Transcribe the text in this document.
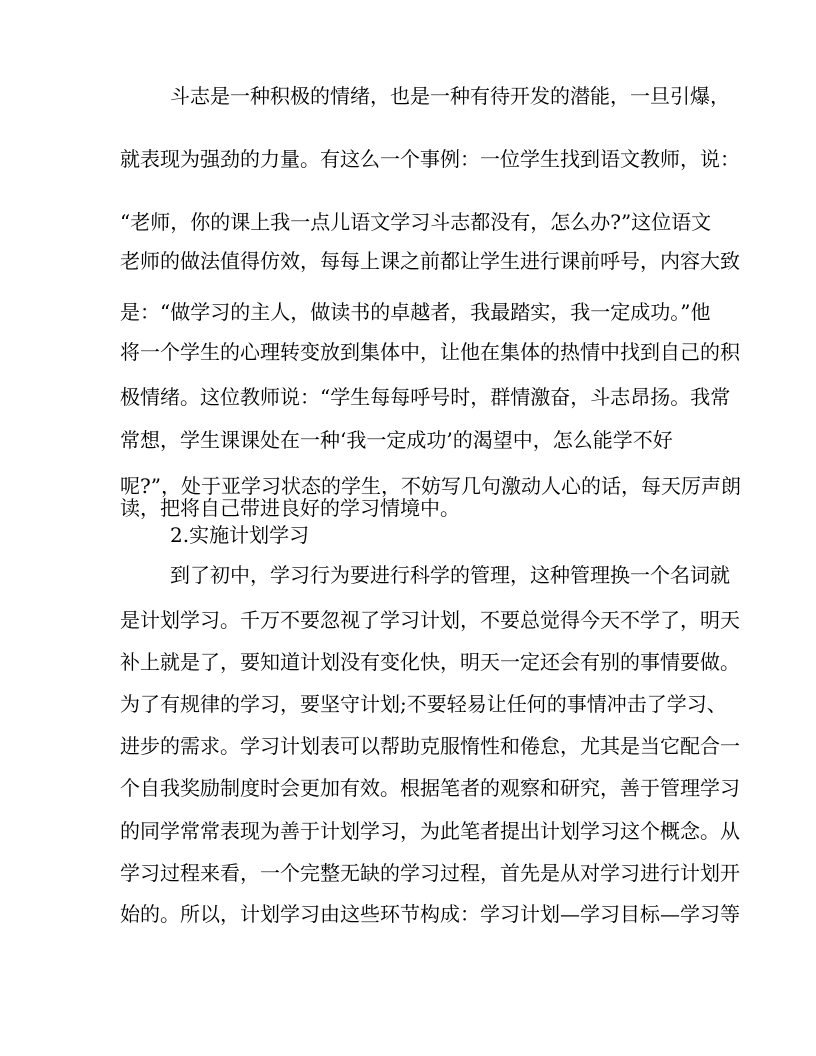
斗志是一种积极的情绪，也是一种有待开发的潜能，一旦引爆，

就表现为强劲的力量。有这么一个事例：一位学生找到语文教师，说：

“老师，你的课上我一点儿语文学习斗志都没有，怎么办?”这位语文

老师的做法值得仿效，每每上课之前都让学生进行课前呼号，内容大致

是：“做学习的主人，做读书的卓越者，我最踏实，我一定成功。”他

将一个学生的心理转变放到集体中，让他在集体的热情中找到自己的积

极情绪。这位教师说：“学生每每呼号时，群情激奋，斗志昂扬。我常

常想，学生课课处在一种‘我一定成功’的渴望中，怎么能学不好

呢?”，处于亚学习状态的学生，不妨写几句激动人心的话，每天厉声朗

读，把将自己带进良好的学习情境中。

2.实施计划学习

到了初中，学习行为要进行科学的管理，这种管理换一个名词就

是计划学习。千万不要忽视了学习计划，不要总觉得今天不学了，明天

补上就是了，要知道计划没有变化快，明天一定还会有别的事情要做。

为了有规律的学习，要坚守计划;不要轻易让任何的事情冲击了学习、

进步的需求。学习计划表可以帮助克服惰性和倦怠，尤其是当它配合一

个自我奖励制度时会更加有效。根据笔者的观察和研究，善于管理学习

的同学常常表现为善于计划学习，为此笔者提出计划学习这个概念。从

学习过程来看，一个完整无缺的学习过程，首先是从对学习进行计划开

始的。所以，计划学习由这些环节构成：学习计划—学习目标—学习等
